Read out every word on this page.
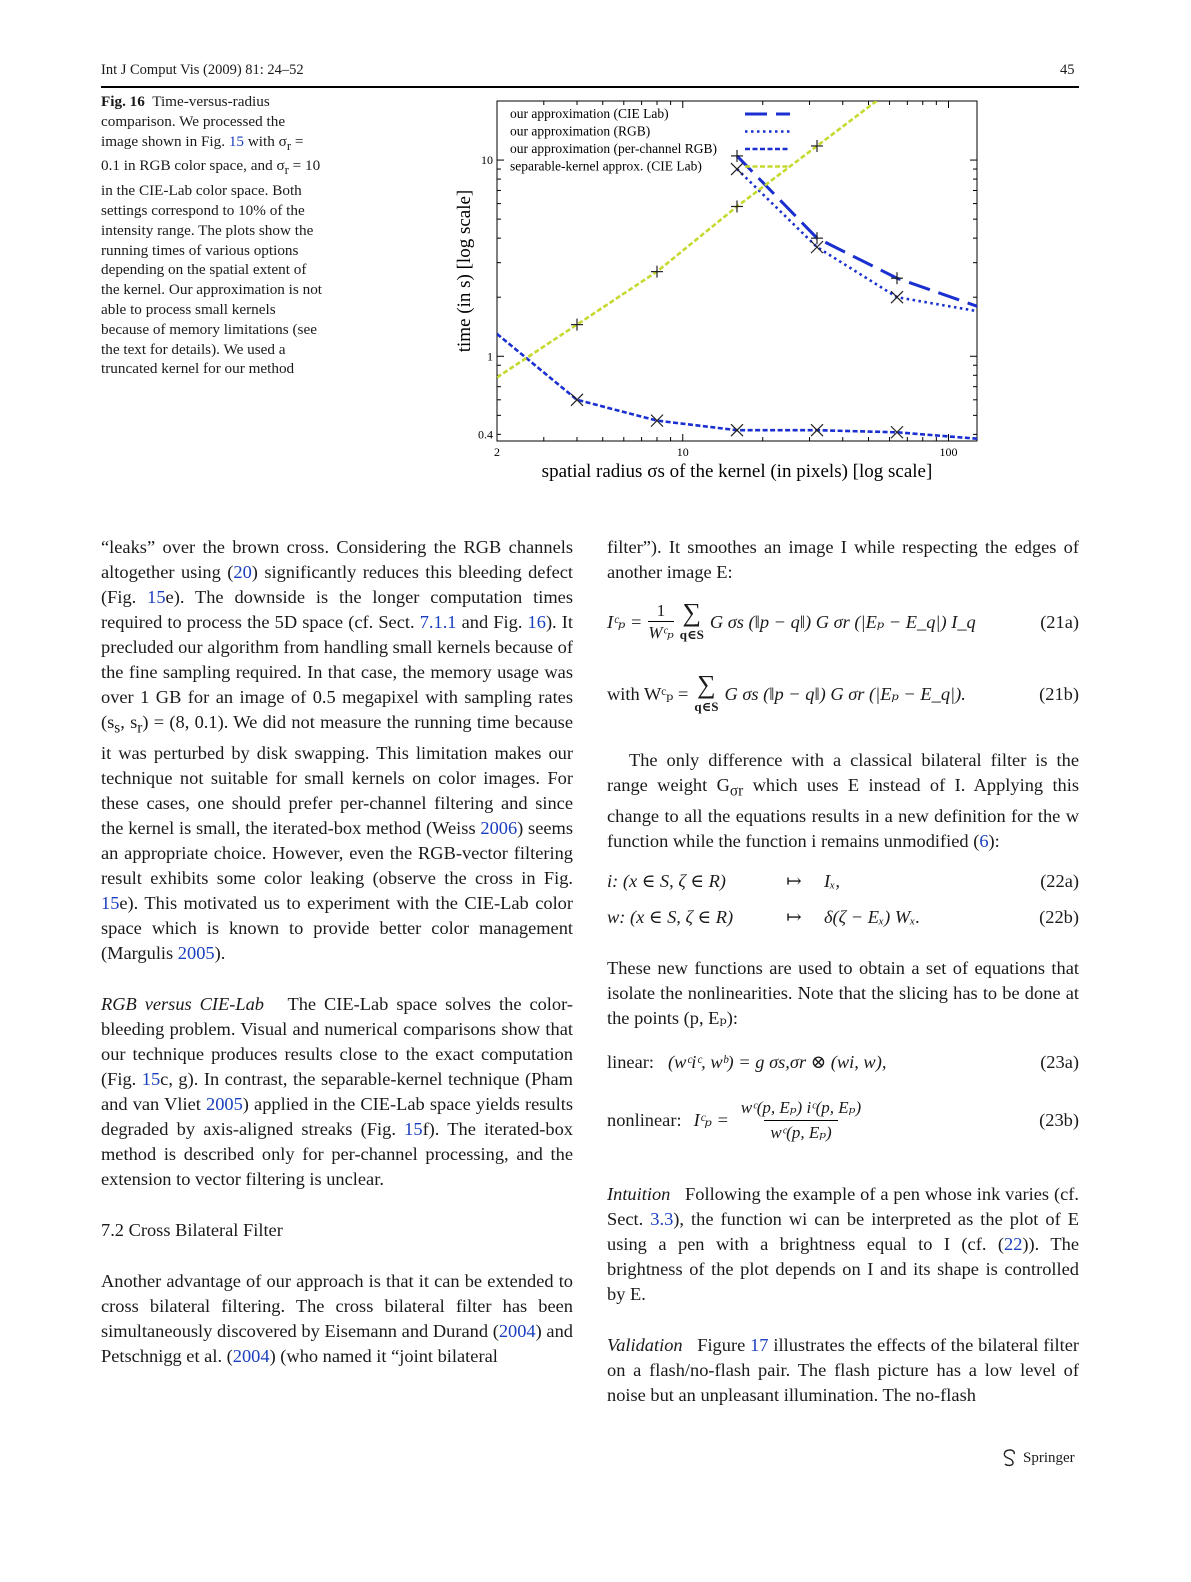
Int J Comput Vis (2009) 81: 24–52	45
Fig. 16 Time-versus-radius comparison. We processed the image shown in Fig. 15 with $\sigma_r = 0.1$ in RGB color space, and $\sigma_r = 10$ in the CIE-Lab color space. Both settings correspond to 10% of the intensity range. The plots show the running times of various options depending on the spatial extent of the kernel. Our approximation is not able to process small kernels because of memory limitations (see the text for details). We used a truncated kernel for our method
2	10	100
0.4
1
10
our approximation (CIE Lab)
our approximation (RGB)
our approximation (per-channel RGB)
separable-kernel approx. (CIE Lab)
time (in s) [log scale]
spatial radius σs of the kernel (in pixels) [log scale]

“leaks” over the brown cross. Considering the RGB channels altogether using (20) significantly reduces this bleeding defect (Fig. 15e). The downside is the longer computation times required to process the 5D space (cf. Sect. 7.1.1 and Fig. 16). It precluded our algorithm from handling small kernels because of the fine sampling required. In that case, the memory usage was over 1 GB for an image of 0.5 megapixel with sampling rates ($s_s$, $s_r) = (8$, 0.1). We did not measure the running time because it was perturbed by disk swapping. This limitation makes our technique not suitable for small kernels on color images. For these cases, one should prefer per-channel filtering and since the kernel is small, the iterated-box method (Weiss 2006) seems an appropriate choice. However, even the RGB-vector filtering result exhibits some color leaking (observe the cross in Fig. 15e). This motivated us to experiment with the CIE-Lab color space which is known to provide better color management (Margulis 2005).

RGB versus CIE-Lab   The CIE-Lab space solves the color-bleeding problem. Visual and numerical comparisons show that our technique produces results close to the exact computation (Fig. 15c, g). In contrast, the separable-kernel technique (Pham and van Vliet 2005) applied in the CIE-Lab space yields results degraded by axis-aligned streaks (Fig. 15f). The iterated-box method is described only for per-channel processing, and the extension to vector filtering is unclear.

7.2 Cross Bilateral Filter

Another advantage of our approach is that it can be extended to cross bilateral filtering. The cross bilateral filter has been simultaneously discovered by Eisemann and Durand (2004) and Petschnigg et al. (2004) (who named it “joint bilateral

filter”). It smoothes an image I while respecting the edges of another image E:

Iᶜₚ =
1
Wᶜₚ
∑
q∈S
G σs (‖p − q‖) G σr (|Eₚ − E_q|) I_q	(21a)
with Wᶜₚ = ∑
q∈S
G σs (‖p − q‖) G σr (|Eₚ − E_q|).	(21b)

The only difference with a classical bilateral filter is the range weight $G_{\sigma r}$ which uses E instead of I. Applying this change to all the equations results in a new definition for the w function while the function i remains unmodified (6):

i: (x ∈ S, ζ ∈ R)	↦	Iₓ,	(22a)
w: (x ∈ S, ζ ∈ R)	↦	δ(ζ − Eₓ) Wₓ.	(22b)

These new functions are used to obtain a set of equations that isolate the nonlinearities. Note that the slicing has to be done at the points (p, Eₚ):

linear: (wᶜiᶜ, wᵇ) = g σs,σr ⊗ (wi, w),	(23a)
nonlinear: Iᶜₚ = $\frac{\text{wᶜ(p, Eₚ) iᶜ(p, Eₚ)}}{\text{wᶜ(p, Eₚ)}}$	(23b)

Intuition   Following the example of a pen whose ink varies (cf. Sect. 3.3), the function wi can be interpreted as the plot of E using a pen with a brightness equal to I (cf. (22)). The brightness of the plot depends on I and its shape is controlled by E.

Validation   Figure 17 illustrates the effects of the bilateral filter on a flash/no-flash pair. The flash picture has a low level of noise but an unpleasant illumination. The no-flash

Springer
